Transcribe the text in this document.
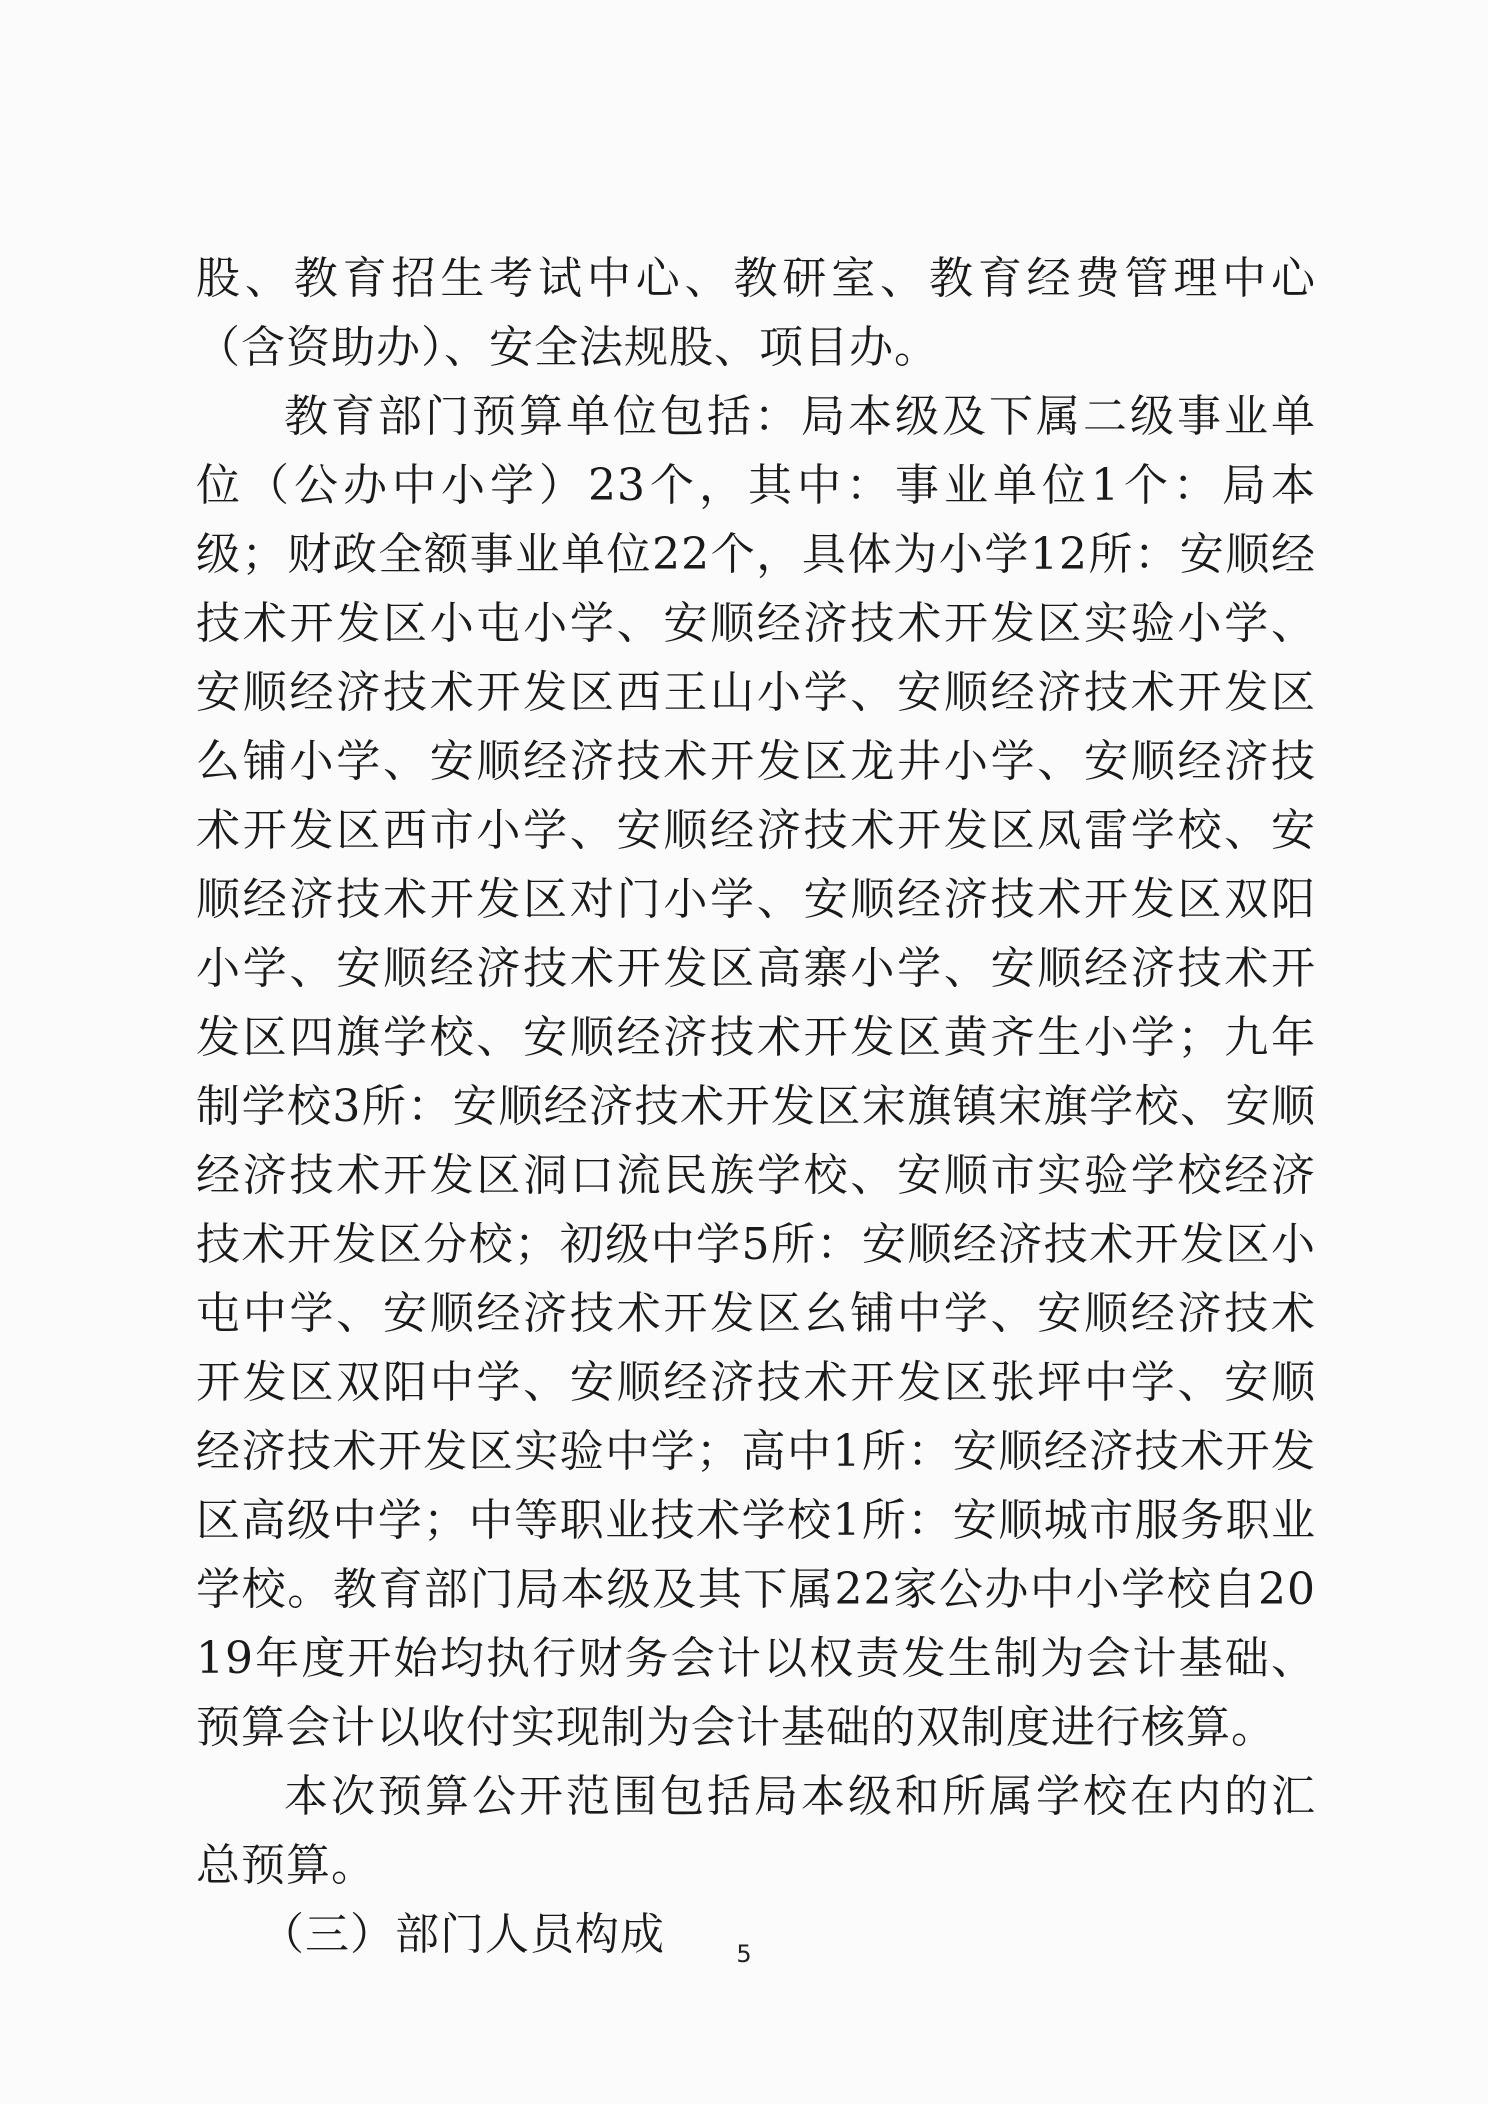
股、教育招生考试中心、教研室、教育经费管理中心（含资助办）、安全法规股、项目办。

教育部门预算单位包括：局本级及下属二级事业单位（公办中小学）23个，其中：事业单位1个：局本级；财政全额事业单位22个，具体为小学12所：安顺经技术开发区小屯小学、安顺经济技术开发区实验小学、安顺经济技术开发区西王山小学、安顺经济技术开发区么铺小学、安顺经济技术开发区龙井小学、安顺经济技术开发区西市小学、安顺经济技术开发区凤雷学校、安顺经济技术开发区对门小学、安顺经济技术开发区双阳小学、安顺经济技术开发区高寨小学、安顺经济技术开发区四旗学校、安顺经济技术开发区黄齐生小学；九年制学校3所：安顺经济技术开发区宋旗镇宋旗学校、安顺经济技术开发区洞口流民族学校、安顺市实验学校经济技术开发区分校；初级中学5所：安顺经济技术开发区小屯中学、安顺经济技术开发区幺铺中学、安顺经济技术开发区双阳中学、安顺经济技术开发区张坪中学、安顺经济技术开发区实验中学；高中1所：安顺经济技术开发区高级中学；中等职业技术学校1所：安顺城市服务职业学校。教育部门局本级及其下属22家公办中小学校自2019年度开始均执行财务会计以权责发生制为会计基础、预算会计以收付实现制为会计基础的双制度进行核算。

本次预算公开范围包括局本级和所属学校在内的汇总预算。

（三）部门人员构成	5
